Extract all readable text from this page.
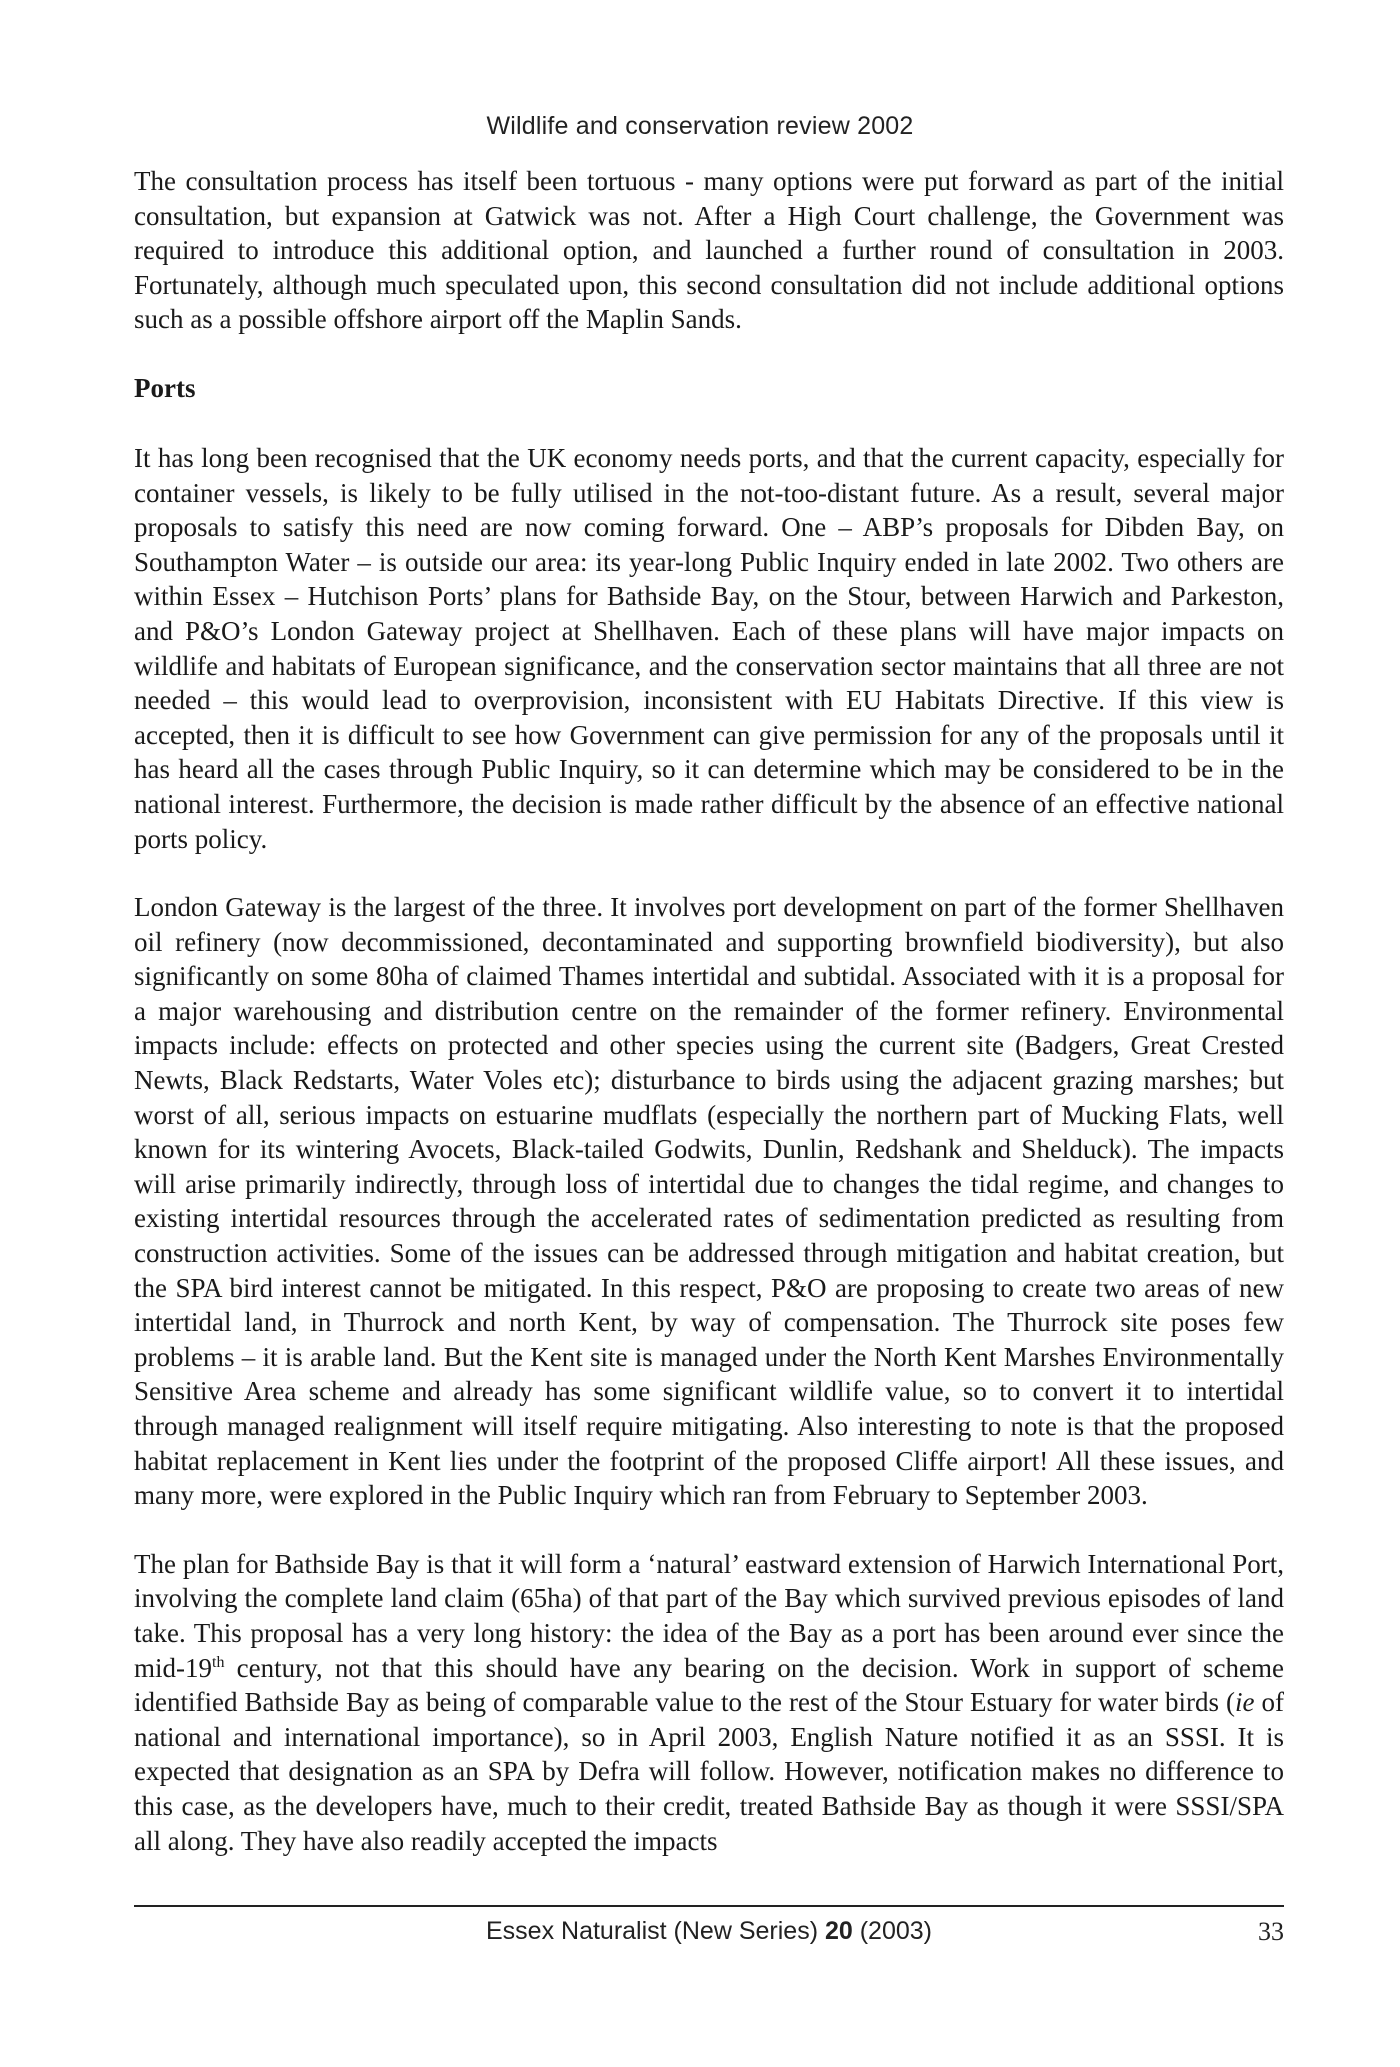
Wildlife and conservation review 2002

The consultation process has itself been tortuous - many options were put forward as part of the initial consultation, but expansion at Gatwick was not. After a High Court challenge, the Government was required to introduce this additional option, and launched a further round of consultation in 2003. Fortunately, although much speculated upon, this second consultation did not include additional options such as a possible offshore airport off the Maplin Sands.

Ports

It has long been recognised that the UK economy needs ports, and that the current capacity, especially for container vessels, is likely to be fully utilised in the not-too-distant future. As a result, several major proposals to satisfy this need are now coming forward. One – ABP’s proposals for Dibden Bay, on Southampton Water – is outside our area: its year-long Public Inquiry ended in late 2002. Two others are within Essex – Hutchison Ports’ plans for Bathside Bay, on the Stour, between Harwich and Parkeston, and P&O’s London Gateway project at Shellhaven. Each of these plans will have major impacts on wildlife and habitats of European significance, and the conservation sector maintains that all three are not needed – this would lead to overprovision, inconsistent with EU Habitats Directive. If this view is accepted, then it is difficult to see how Government can give permission for any of the proposals until it has heard all the cases through Public Inquiry, so it can determine which may be considered to be in the national interest. Furthermore, the decision is made rather difficult by the absence of an effective national ports policy.

London Gateway is the largest of the three. It involves port development on part of the former Shellhaven oil refinery (now decommissioned, decontaminated and supporting brownfield biodiversity), but also significantly on some 80ha of claimed Thames intertidal and subtidal. Associated with it is a proposal for a major warehousing and distribution centre on the remainder of the former refinery. Environmental impacts include: effects on protected and other species using the current site (Badgers, Great Crested Newts, Black Redstarts, Water Voles etc); disturbance to birds using the adjacent grazing marshes; but worst of all, serious impacts on estuarine mudflats (especially the northern part of Mucking Flats, well known for its wintering Avocets, Black-tailed Godwits, Dunlin, Redshank and Shelduck). The impacts will arise primarily indirectly, through loss of intertidal due to changes the tidal regime, and changes to existing intertidal resources through the accelerated rates of sedimentation predicted as resulting from construction activities. Some of the issues can be addressed through mitigation and habitat creation, but the SPA bird interest cannot be mitigated. In this respect, P&O are proposing to create two areas of new intertidal land, in Thurrock and north Kent, by way of compensation. The Thurrock site poses few problems – it is arable land. But the Kent site is managed under the North Kent Marshes Environmentally Sensitive Area scheme and already has some significant wildlife value, so to convert it to intertidal through managed realignment will itself require mitigating. Also interesting to note is that the proposed habitat replacement in Kent lies under the footprint of the proposed Cliffe airport! All these issues, and many more, were explored in the Public Inquiry which ran from February to September 2003.

The plan for Bathside Bay is that it will form a ‘natural’ eastward extension of Harwich International Port, involving the complete land claim (65ha) of that part of the Bay which survived previous episodes of land take. This proposal has a very long history: the idea of the Bay as a port has been around ever since the mid-19th century, not that this should have any bearing on the decision. Work in support of scheme identified Bathside Bay as being of comparable value to the rest of the Stour Estuary for water birds (ie of national and international importance), so in April 2003, English Nature notified it as an SSSI. It is expected that designation as an SPA by Defra will follow. However, notification makes no difference to this case, as the developers have, much to their credit, treated Bathside Bay as though it were SSSI/SPA all along. They have also readily accepted the impacts

Essex Naturalist (New Series) 20 (2003)	33
